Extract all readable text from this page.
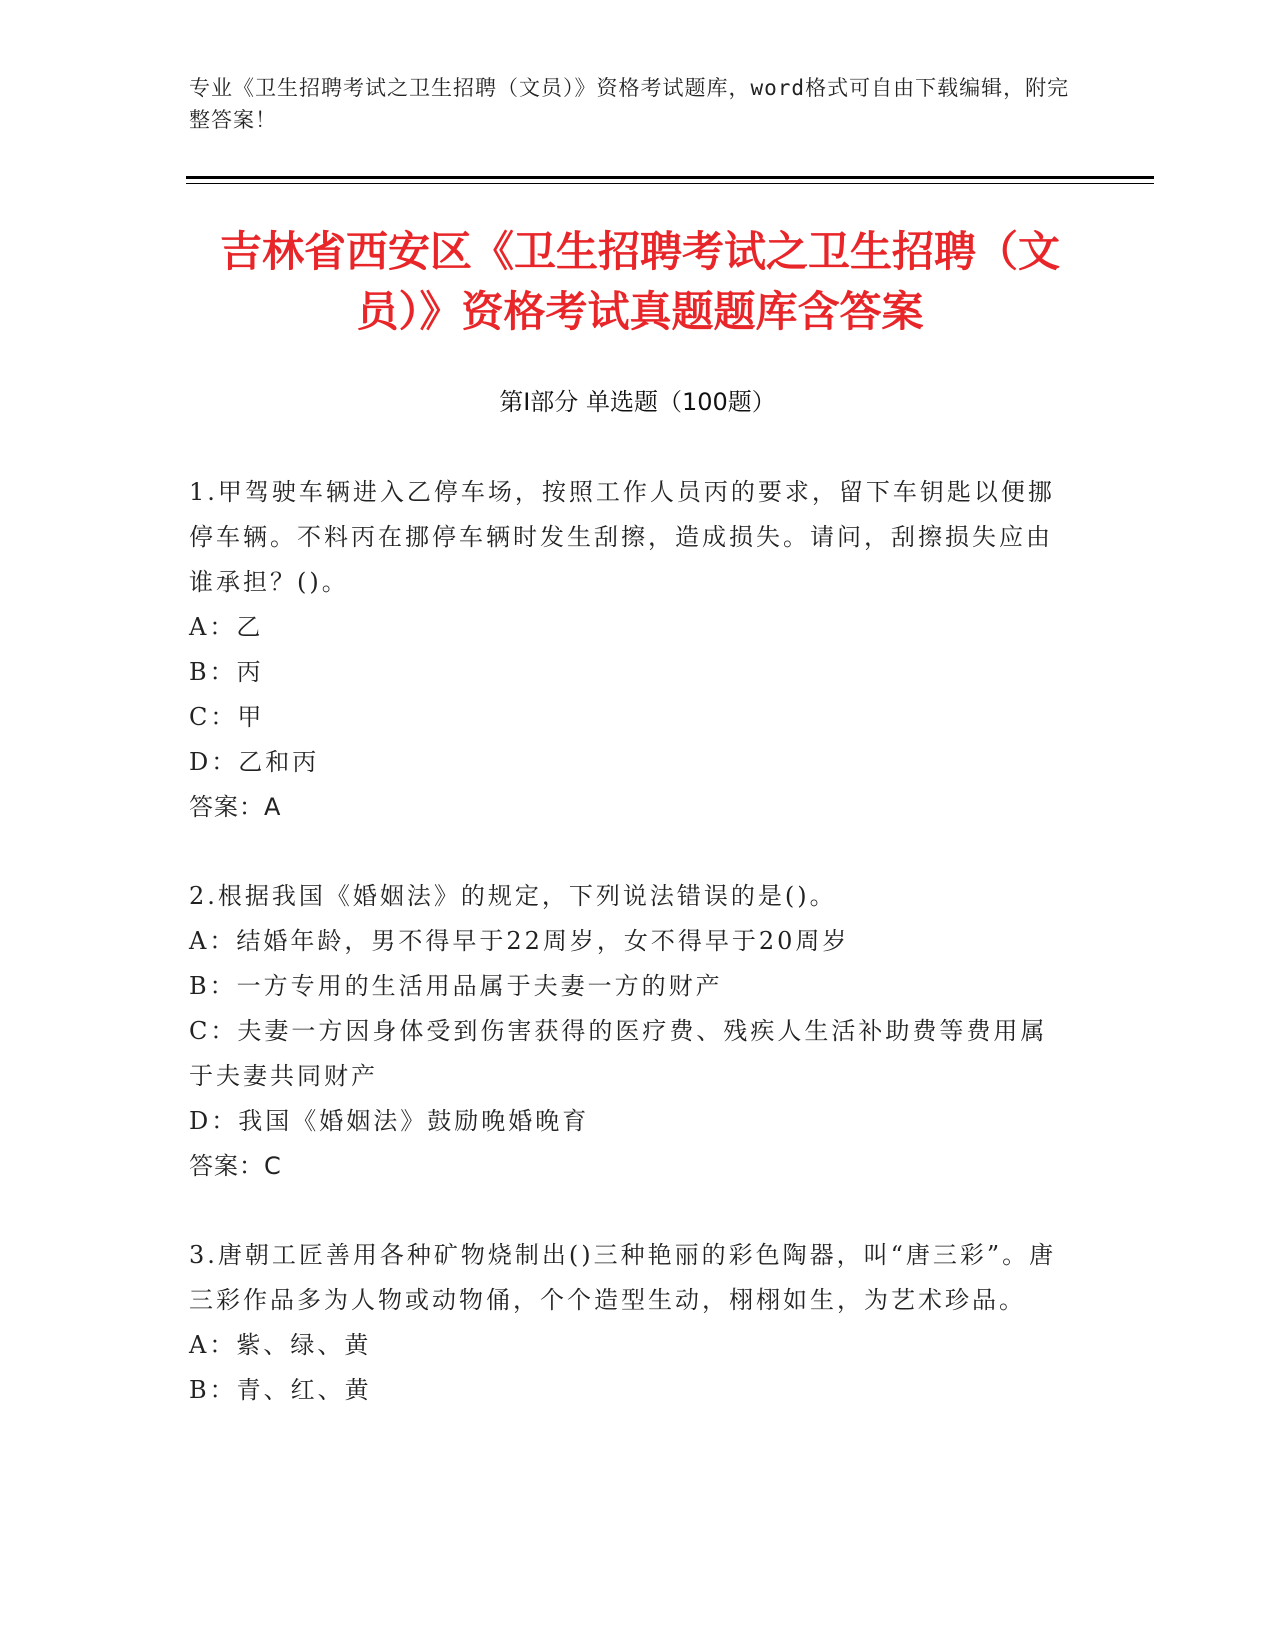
专业《卫生招聘考试之卫生招聘（文员）》资格考试题库，word格式可自由下载编辑，附完整答案！
吉林省西安区《卫生招聘考试之卫生招聘（文员）》资格考试真题题库含答案
第Ⅰ部分 单选题（100题）

1.甲驾驶车辆进入乙停车场，按照工作人员丙的要求，留下车钥匙以便挪停车辆。不料丙在挪停车辆时发生刮擦，造成损失。请问，刮擦损失应由谁承担？()。

A：乙

B：丙

C：甲

D：乙和丙

答案：A

2.根据我国《婚姻法》的规定，下列说法错误的是()。

A：结婚年龄，男不得早于22周岁，女不得早于20周岁

B：一方专用的生活用品属于夫妻一方的财产

C：夫妻一方因身体受到伤害获得的医疗费、残疾人生活补助费等费用属于夫妻共同财产

D：我国《婚姻法》鼓励晚婚晚育

答案：C

3.唐朝工匠善用各种矿物烧制出()三种艳丽的彩色陶器，叫“唐三彩”。唐三彩作品多为人物或动物俑，个个造型生动，栩栩如生，为艺术珍品。

A：紫、绿、黄

B：青、红、黄
